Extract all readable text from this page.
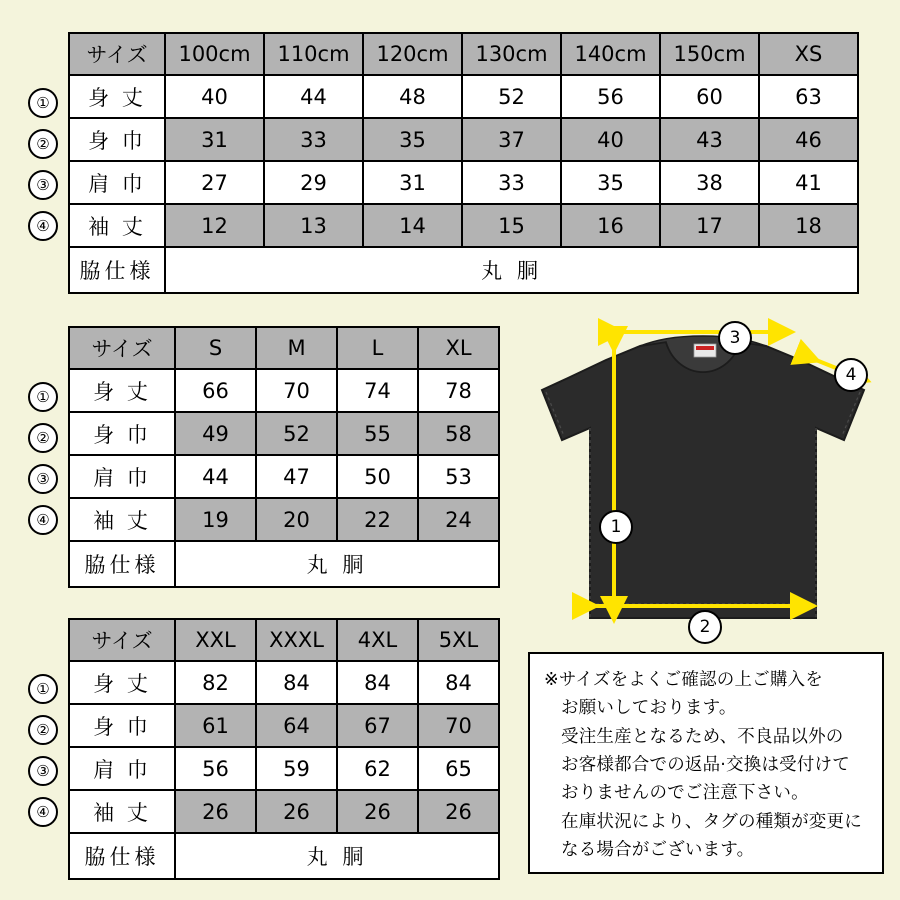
①
②
③
④
サイズ	100cm	110cm	120cm	130cm	140cm	150cm	XS
身 丈	40	44	48	52	56	60	63
身 巾	31	33	35	37	40	43	46
肩 巾	27	29	31	33	35	38	41
袖 丈	12	13	14	15	16	17	18
脇仕様	丸 胴						
①
②
③
④
サイズ	S	M	L	XL
身 丈	66	70	74	78
身 巾	49	52	55	58
肩 巾	44	47	50	53
袖 丈	19	20	22	24
脇仕様	丸 胴			
①
②
③
④
サイズ	XXL	XXXL	4XL	5XL
身 丈	82	84	84	84
身 巾	61	64	67	70
肩 巾	56	59	62	65
袖 丈	26	26	26	26
脇仕様	丸 胴			
3
4
1
2

※サイズをよくご確認の上ご購入を

お願いしております。

受注生産となるため、不良品以外の

お客様都合での返品·交換は受付けて

おりませんのでご注意下さい。

在庫状況により、タグの種類が変更に

なる場合がございます。
